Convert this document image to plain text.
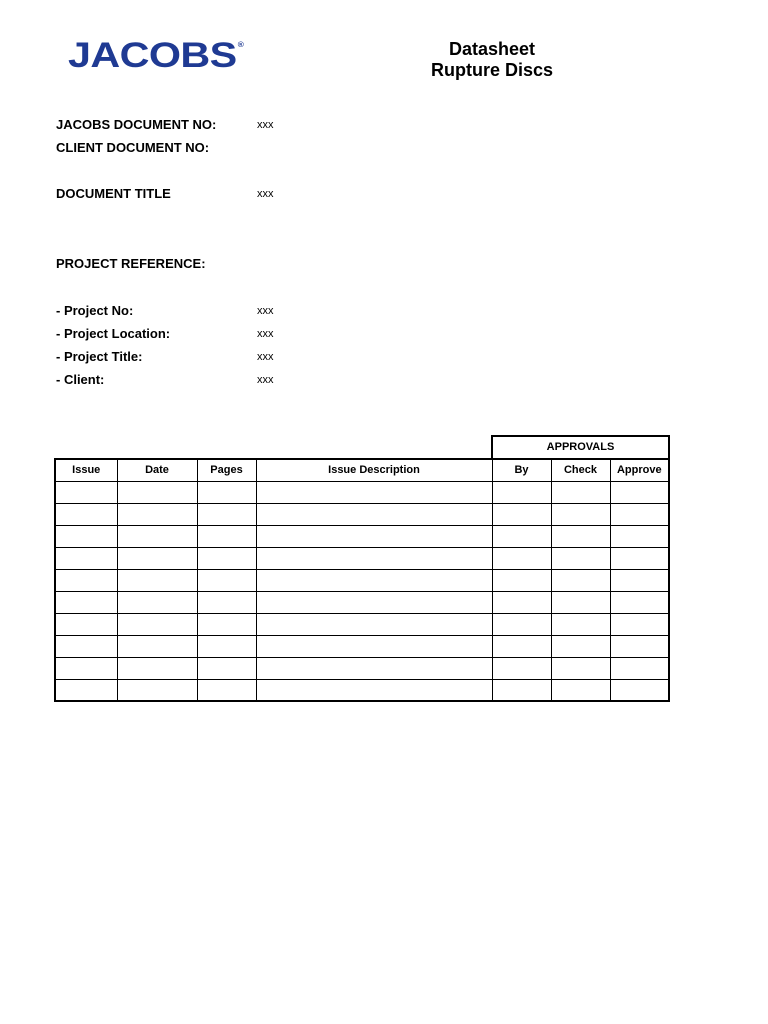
JACOBS®	Datasheet
Rupture Discs
JACOBS DOCUMENT NO:	xxx
CLIENT DOCUMENT NO:
DOCUMENT TITLE	xxx
PROJECT REFERENCE:
- Project No:	xxx
- Project Location:	xxx
- Project Title:	xxx
- Client:	xxx
APPROVALS
Issue	Date	Pages	Issue Description	By	Check	Approve
